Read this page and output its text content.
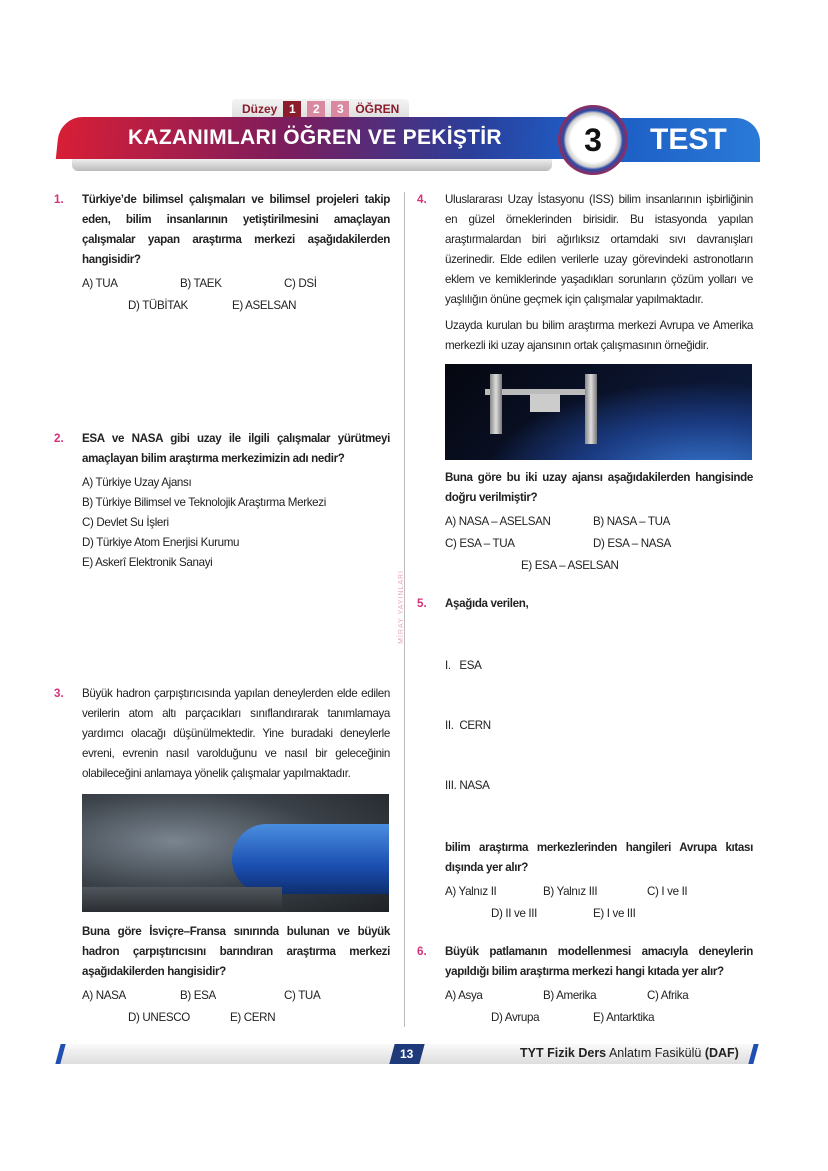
Düzey 1	2	3 ÖĞREN
KAZANIMLARI ÖĞREN VE PEKİŞTİR	TEST
3
MİRAY YAYINLARI
1. Türkiye’de bilimsel çalışmaları ve bilimsel projeleri takip eden, bilim insanlarının yetiştirilmesini amaçlayan çalışmalar yapan araştırma merkezi aşağıdakilerden hangisidir?

A) TUA	B) TAEK	C) DSİ
D) TÜBİTAK	E) ASELSAN
2. ESA ve NASA gibi uzay ile ilgili çalışmalar yürütmeyi amaçlayan bilim araştırma merkezimizin adı nedir?

A) Türkiye Uzay Ajansı
B) Türkiye Bilimsel ve Teknolojik Araştırma Merkezi
C) Devlet Su İşleri
D) Türkiye Atom Enerjisi Kurumu
E) Askerî Elektronik Sanayi
3. Büyük hadron çarpıştırıcısında yapılan deneylerden elde edilen verilerin atom altı parçacıkları sınıflandırarak tanımlamaya yardımcı olacağı düşünülmektedir. Yine buradaki deneylerle evreni, evrenin nasıl varolduğunu ve nasıl bir geleceğinin olabileceğini anlamaya yönelik çalışmalar yapılmaktadır.

Buna göre İsviçre–Fransa sınırında bulunan ve büyük hadron çarpıştırıcısını barındıran araştırma merkezi aşağıdakilerden hangisidir?

A) NASA	B) ESA	C) TUA
D) UNESCO	E) CERN
4. Uluslararası Uzay İstasyonu (ISS) bilim insanlarının işbirliğinin en güzel örneklerinden birisidir. Bu istasyonda yapılan araştırmalardan biri ağırlıksız ortamdaki sıvı davranışları üzerinedir. Elde edilen verilerle uzay görevindeki astronotların eklem ve kemiklerinde yaşadıkları sorunların çözüm yolları ve yaşlılığın önüne geçmek için çalışmalar yapılmaktadır.

Uzayda kurulan bu bilim araştırma merkezi Avrupa ve Amerika merkezli iki uzay ajansının ortak çalışmasının örneğidir.

Buna göre bu iki uzay ajansı aşağıdakilerden hangisinde doğru verilmiştir?

A) NASA – ASELSAN	B) NASA – TUA
C) ESA – TUA	D) ESA – NASA
E) ESA – ASELSAN
5. Aşağıda verilen,

I.   ESA

II.  CERN

III. NASA

bilim araştırma merkezlerinden hangileri Avrupa kıtası dışında yer alır?

A) Yalnız II	B) Yalnız III	C) I ve II
D) II ve III	E) I ve III
6. Büyük patlamanın modellenmesi amacıyla deneylerin yapıldığı bilim araştırma merkezi hangi kıtada yer alır?

A) Asya	B) Amerika	C) Afrika
D) Avrupa	E) Antarktika
13	TYT Fizik Ders Anlatım Fasikülü (DAF)
